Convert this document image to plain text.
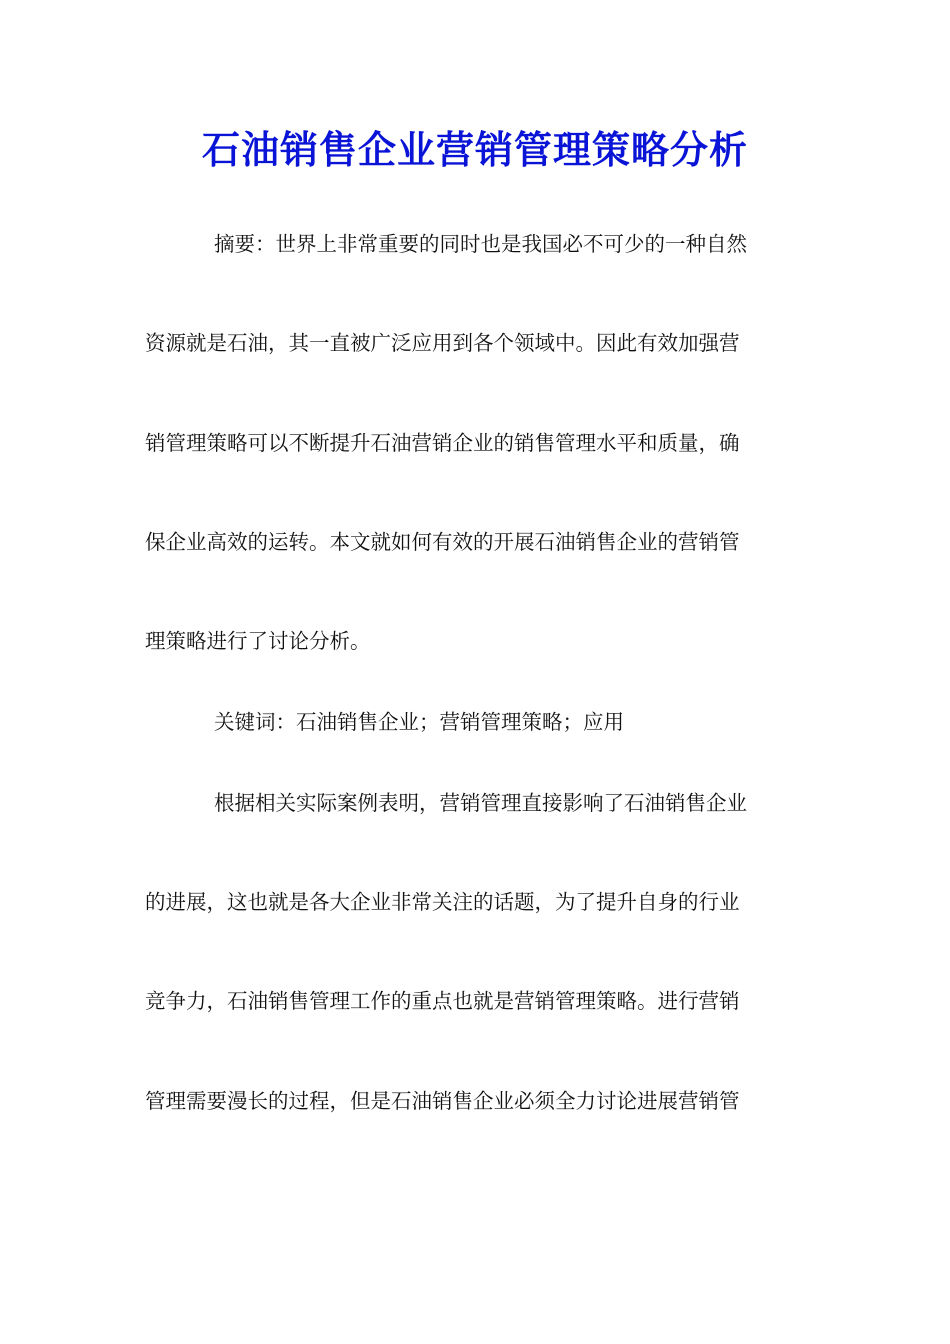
石油销售企业营销管理策略分析

摘要：世界上非常重要的同时也是我国必不可少的一种自然

资源就是石油，其一直被广泛应用到各个领域中。因此有效加强营

销管理策略可以不断提升石油营销企业的销售管理水平和质量，确

保企业高效的运转。本文就如何有效的开展石油销售企业的营销管

理策略进行了讨论分析。

关键词：石油销售企业；营销管理策略；应用

根据相关实际案例表明，营销管理直接影响了石油销售企业

的进展，这也就是各大企业非常关注的话题，为了提升自身的行业

竞争力，石油销售管理工作的重点也就是营销管理策略。进行营销

管理需要漫长的过程，但是石油销售企业必须全力讨论进展营销管
